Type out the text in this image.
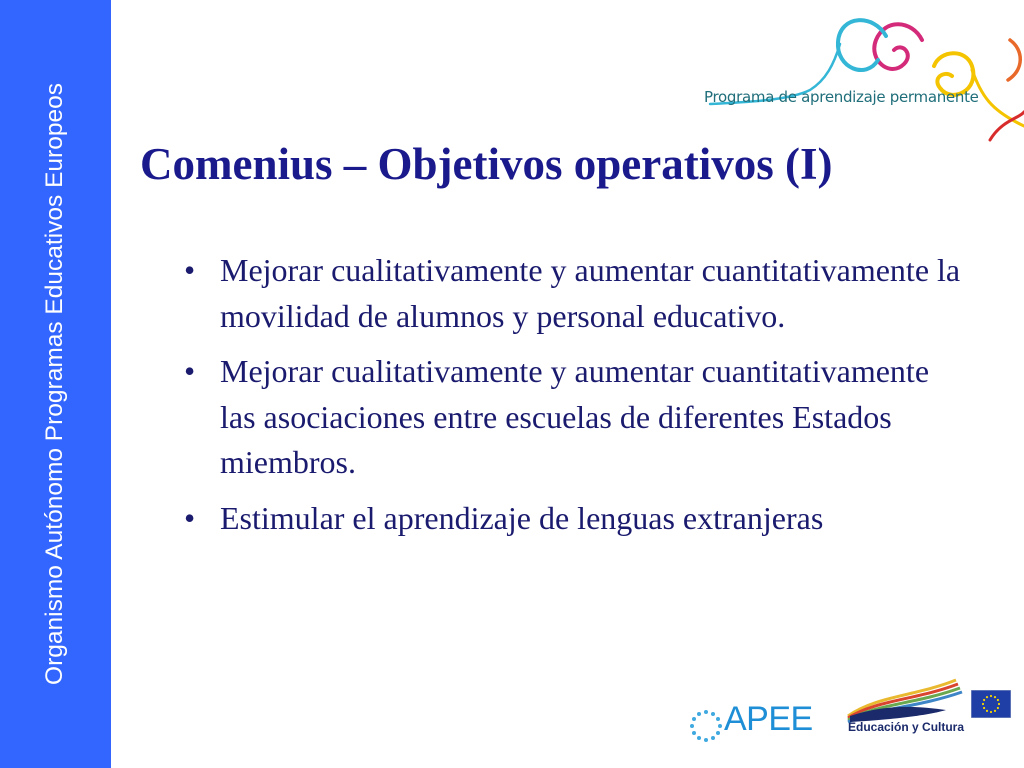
Organismo Autónomo Programas Educativos Europeos	Programa de aprendizaje permanente
Comenius – Objetivos operativos (I)
• Mejorar cualitativamente y aumentar cuantitativamente la movilidad de alumnos y personal educativo.
• Mejorar cualitativamente y aumentar cuantitativamente las asociaciones entre escuelas de diferentes Estados miembros.
• Estimular el aprendizaje de lenguas extranjeras
APEE	Educación y Cultura
